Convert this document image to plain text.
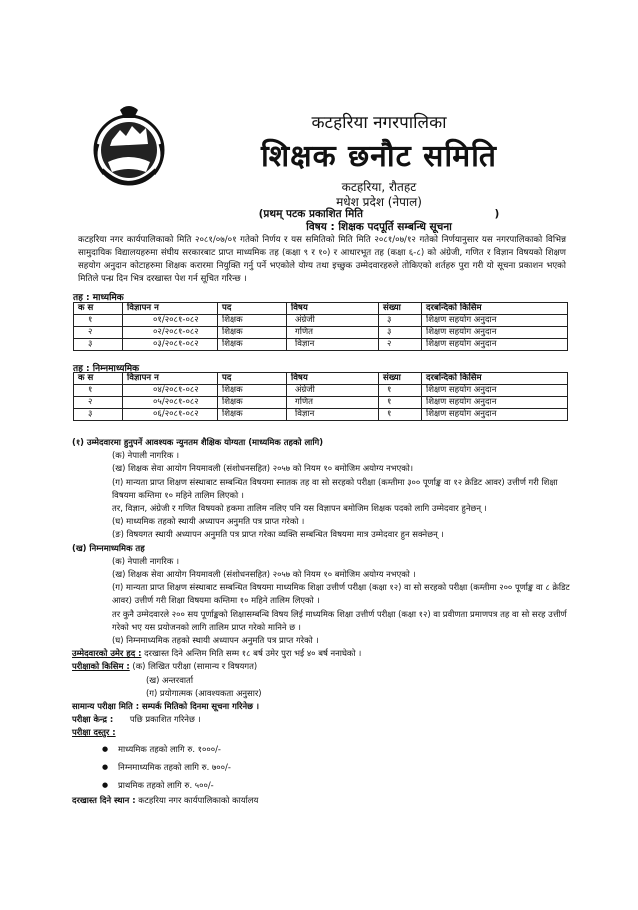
कटहरिया नगरपालिका
शिक्षक छनौट समिति
कटहरिया, रौतहट
मधेश प्रदेश (नेपाल)
(प्रथम् पटक प्रकाशित मिति                                    )
विषय : शिक्षक पदपूर्ति सम्बन्धि सूचना
कटहरिया नगर कार्यपालिकाको मिति २०८१/०७/०१ गतेको निर्णय र यस समितिको मिति मिति २०८१/०७/१२ गतेको निर्णयानुसार यस नगरपालिकाको विभिन्न सामुदायिक विद्यालयहरुमा संघीय सरकारबाट प्राप्त माध्यमिक तह (कक्षा ९ र १०) र आधारभूत तह (कक्षा ६-८) को अंग्रेजी, गणित र विज्ञान विषयको शिक्षण सहयोग अनुदान कोटाहरुमा शिक्षक करारमा नियुक्ति गर्नु पर्ने भएकोले योग्य तथा इच्छुक उम्मेदवारहरुले तोकिएको शर्तहरु पुरा गरी यो सूचना प्रकाशन भएको मितिले पन्ध्र दिन भित्र दरखास्त पेश गर्न सूचित गरिन्छ ।
तह : माध्यमिक
क स	विज्ञापन न	पद	विषय	संख्या	दरबन्दिको किसिम
१	०१/२०८१-०८२	शिक्षक	अंग्रेजी	३	शिक्षण सहयोग अनुदान
२	०२/२०८१-०८२	शिक्षक	गणित	३	शिक्षण सहयोग अनुदान
३	०३/२०८१-०८२	शिक्षक	विज्ञान	२	शिक्षण सहयोग अनुदान
तह : निम्नमाध्यमिक
क स	विज्ञापन न	पद	विषय	संख्या	दरबन्दिको किसिम
१	०४/२०८१-०८२	शिक्षक	अंग्रेजी	१	शिक्षण सहयोग अनुदान
२	०५/२०८१-०८२	शिक्षक	गणित	१	शिक्षण सहयोग अनुदान
३	०६/२०८१-०८२	शिक्षक	विज्ञान	१	शिक्षण सहयोग अनुदान

(१) उम्मेदवारमा हुनुपर्ने आवश्यक न्युनतम शैक्षिक योग्यता (माध्यमिक तहको लागि)

(क) नेपाली नागरिक ।

(ख) शिक्षक सेवा आयोग नियमावली (संशोधनसहित) २०५७ को नियम १० बमोजिम अयोग्य नभएको।

(ग) मान्यता प्राप्त शिक्षण संस्थाबाट सम्बन्धित विषयमा स्नातक तह वा सो सरहको परीक्षा (कम्तीमा ३०० पूर्णाङ्क वा १२ क्रेडिट आवर) उत्तीर्ण गरी शिक्षा विषयमा कम्तिमा १० महिने तालिम लिएको ।

तर, विज्ञान, अंग्रेजी र गणित विषयको हकमा तालिम नलिए पनि यस विज्ञापन बमोजिम शिक्षक पदको लागि उम्मेदवार हुनेछन् ।

(घ) माध्यमिक तहको स्थायी अध्यापन अनुमति पत्र प्राप्त गरेको ।

(ङ) विषयगत स्थायी अध्यापन अनुमति पत्र प्राप्त गरेका व्यक्ति सम्बन्धित विषयमा मात्र उम्मेदवार हुन सक्नेछन् ।

(ख) निम्नमाध्यमिक तह

(क) नेपाली नागरिक ।

(ख) शिक्षक सेवा आयोग नियमावली (संशोधनसहित) २०५७ को नियम १० बमोजिम अयोग्य नभएको ।

(ग) मान्यता प्राप्त शिक्षण संस्थाबाट सम्बन्धित विषयमा माध्यमिक शिक्षा उत्तीर्ण परीक्षा (कक्षा १२) वा सो सरहको परीक्षा (कम्तीमा २०० पूर्णाङ्क वा ८ क्रेडिट आवर) उत्तीर्ण गरी शिक्षा विषयमा कम्तिमा १० महिने तालिम लिएको ।

तर कुनै उम्मेदवारले २०० सय पूर्णाङ्कको शिक्षासम्बन्धि विषय लिई माध्यमिक शिक्षा उत्तीर्ण परीक्षा (कक्षा १२) वा प्रवीणता प्रमाणपत्र तह वा सो सरह उत्तीर्ण गरेको भए यस प्रयोजनको लागि तालिम प्राप्त गरेको मानिने छ ।

(घ) निम्नमाध्यमिक तहको स्थायी अध्यापन अनुमति पत्र प्राप्त गरेको ।

उम्मेदवारको उमेर हद : दरखास्त दिने अन्तिम मिति सम्म १८ बर्ष उमेर पुरा भई ४० बर्ष ननाघेको ।

परीक्षाको किसिम : (क) लिखित परीक्षा (सामान्य र विषयगत)

(ख) अन्तरवार्ता

(ग) प्रयोगात्मक (आवश्यकता अनुसार)

सामान्य परीक्षा मिति : सम्पर्क मितिको दिनमा सूचना गरिनेछ ।

परीक्षा केन्द्र : पछि प्रकाशित गरिनेछ ।

परीक्षा दस्तुर :

● माध्यमिक तहको लागि रु. १०००/-
● निम्नमाध्यमिक तहको लागि रु. ७००/-
● प्राथमिक तहको लागि रु. ५००/-

दरखास्त दिने स्थान : कटहरिया नगर कार्यपालिकाको कार्यालय
